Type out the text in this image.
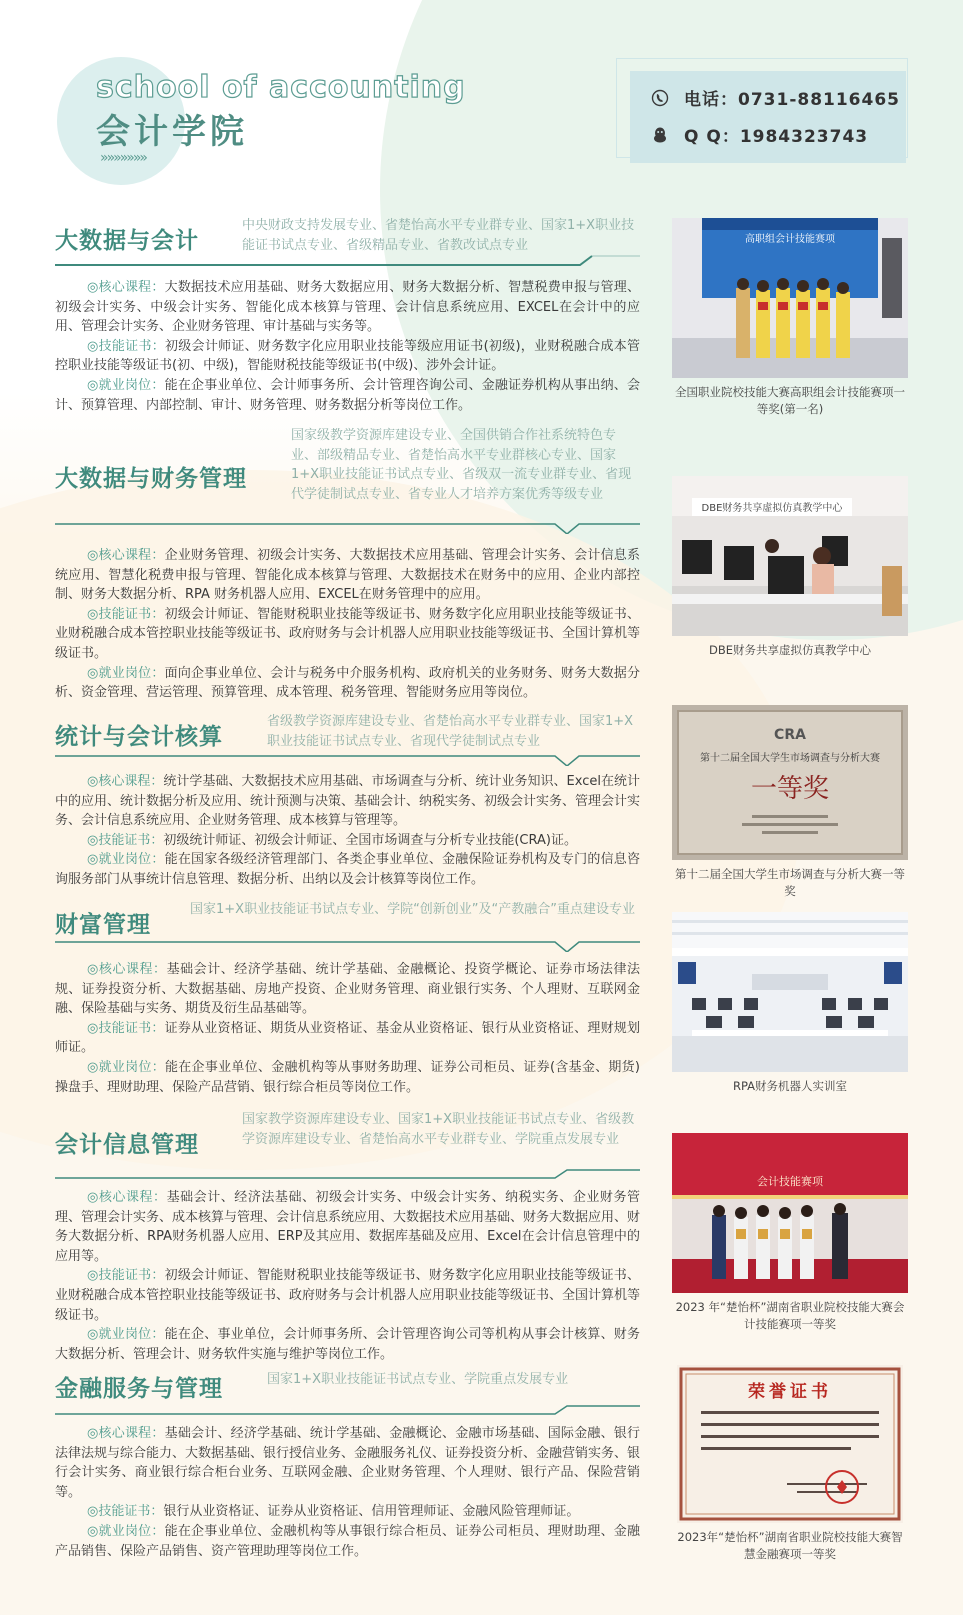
school of accounting
会计学院
»»»»»»»
电话：0731-88116465
Q Q：1984323743
大数据与会计
中央财政支持发展专业、省楚怡高水平专业群专业、国家1+X职业技能证书试点专业、省级精品专业、省教改试点专业

◎核心课程：大数据技术应用基础、财务大数据应用、财务大数据分析、智慧税费申报与管理、初级会计实务、中级会计实务、智能化成本核算与管理、会计信息系统应用、EXCEL在会计中的应用、管理会计实务、企业财务管理、审计基础与实务等。

◎技能证书：初级会计师证、财务数字化应用职业技能等级应用证书(初级)，业财税融合成本管控职业技能等级证书(初、中级)，智能财税技能等级证书(中级)、涉外会计证。

◎就业岗位：能在企事业单位、会计师事务所、会计管理咨询公司、金融证券机构从事出纳、会计、预算管理、内部控制、审计、财务管理、财务数据分析等岗位工作。

大数据与财务管理
国家级教学资源库建设专业、全国供销合作社系统特色专业、部级精品专业、省楚怡高水平专业群核心专业、国家1+X职业技能证书试点专业、省级双一流专业群专业、省现代学徒制试点专业、省专业人才培养方案优秀等级专业

◎核心课程：企业财务管理、初级会计实务、大数据技术应用基础、管理会计实务、会计信息系统应用、智慧化税费申报与管理、智能化成本核算与管理、大数据技术在财务中的应用、企业内部控制、财务大数据分析、RPA 财务机器人应用、EXCEL在财务管理中的应用。

◎技能证书：初级会计师证、智能财税职业技能等级证书、财务数字化应用职业技能等级证书、业财税融合成本管控职业技能等级证书、政府财务与会计机器人应用职业技能等级证书、全国计算机等级证书。

◎就业岗位：面向企事业单位、会计与税务中介服务机构、政府机关的业务财务、财务大数据分析、资金管理、营运管理、预算管理、成本管理、税务管理、智能财务应用等岗位。

统计与会计核算
省级教学资源库建设专业、省楚怡高水平专业群专业、国家1+X 职业技能证书试点专业、省现代学徒制试点专业

◎核心课程：统计学基础、大数据技术应用基础、市场调查与分析、统计业务知识、Excel在统计中的应用、统计数据分析及应用、统计预测与决策、基础会计、纳税实务、初级会计实务、管理会计实务、会计信息系统应用、企业财务管理、成本核算与管理等。

◎技能证书：初级统计师证、初级会计师证、全国市场调查与分析专业技能(CRA)证。

◎就业岗位：能在国家各级经济管理部门、各类企事业单位、金融保险证券机构及专门的信息咨询服务部门从事统计信息管理、数据分析、出纳以及会计核算等岗位工作。

财富管理
国家1+X职业技能证书试点专业、学院“创新创业”及“产教融合”重点建设专业

◎核心课程：基础会计、经济学基础、统计学基础、金融概论、投资学概论、证券市场法律法规、证券投资分析、大数据基础、房地产投资、企业财务管理、商业银行实务、个人理财、互联网金融、保险基础与实务、期货及衍生品基础等。

◎技能证书：证券从业资格证、期货从业资格证、基金从业资格证、银行从业资格证、理财规划师证。

◎就业岗位：能在企事业单位、金融机构等从事财务助理、证券公司柜员、证券(含基金、期货)操盘手、理财助理、保险产品营销、银行综合柜员等岗位工作。

会计信息管理
国家教学资源库建设专业、国家1+X职业技能证书试点专业、省级教学资源库建设专业、省楚怡高水平专业群专业、学院重点发展专业

◎核心课程：基础会计、经济法基础、初级会计实务、中级会计实务、纳税实务、企业财务管理、管理会计实务、成本核算与管理、会计信息系统应用、大数据技术应用基础、财务大数据应用、财务大数据分析、RPA财务机器人应用、ERP及其应用、数据库基础及应用、Excel在会计信息管理中的应用等。

◎技能证书：初级会计师证、智能财税职业技能等级证书、财务数字化应用职业技能等级证书、业财税融合成本管控职业技能等级证书、政府财务与会计机器人应用职业技能等级证书、全国计算机等级证书。

◎就业岗位：能在企、事业单位，会计师事务所、会计管理咨询公司等机构从事会计核算、财务大数据分析、管理会计、财务软件实施与维护等岗位工作。

金融服务与管理	国家1+X职业技能证书试点专业、学院重点发展专业

◎核心课程：基础会计、经济学基础、统计学基础、金融概论、金融市场基础、国际金融、银行法律法规与综合能力、大数据基础、银行授信业务、金融服务礼仪、证券投资分析、金融营销实务、银行会计实务、商业银行综合柜台业务、互联网金融、企业财务管理、个人理财、银行产品、保险营销等。

◎技能证书：银行从业资格证、证券从业资格证、信用管理师证、金融风险管理师证。

◎就业岗位：能在企事业单位、金融机构等从事银行综合柜员、证券公司柜员、理财助理、金融产品销售、保险产品销售、资产管理助理等岗位工作。

高职组会计技能赛项
全国职业院校技能大赛高职组会计技能赛项一等奖(第一名)
DBE财务共享虚拟仿真教学中心
DBE财务共享虚拟仿真教学中心
CRA
第十二届全国大学生市场调查与分析大赛
一等奖
第十二届全国大学生市场调查与分析大赛一等奖
RPA财务机器人实训室
会计技能赛项
2023 年“楚怡杯”湖南省职业院校技能大赛会计技能赛项一等奖
荣誉证书
2023年“楚怡杯”湖南省职业院校技能大赛智慧金融赛项一等奖
